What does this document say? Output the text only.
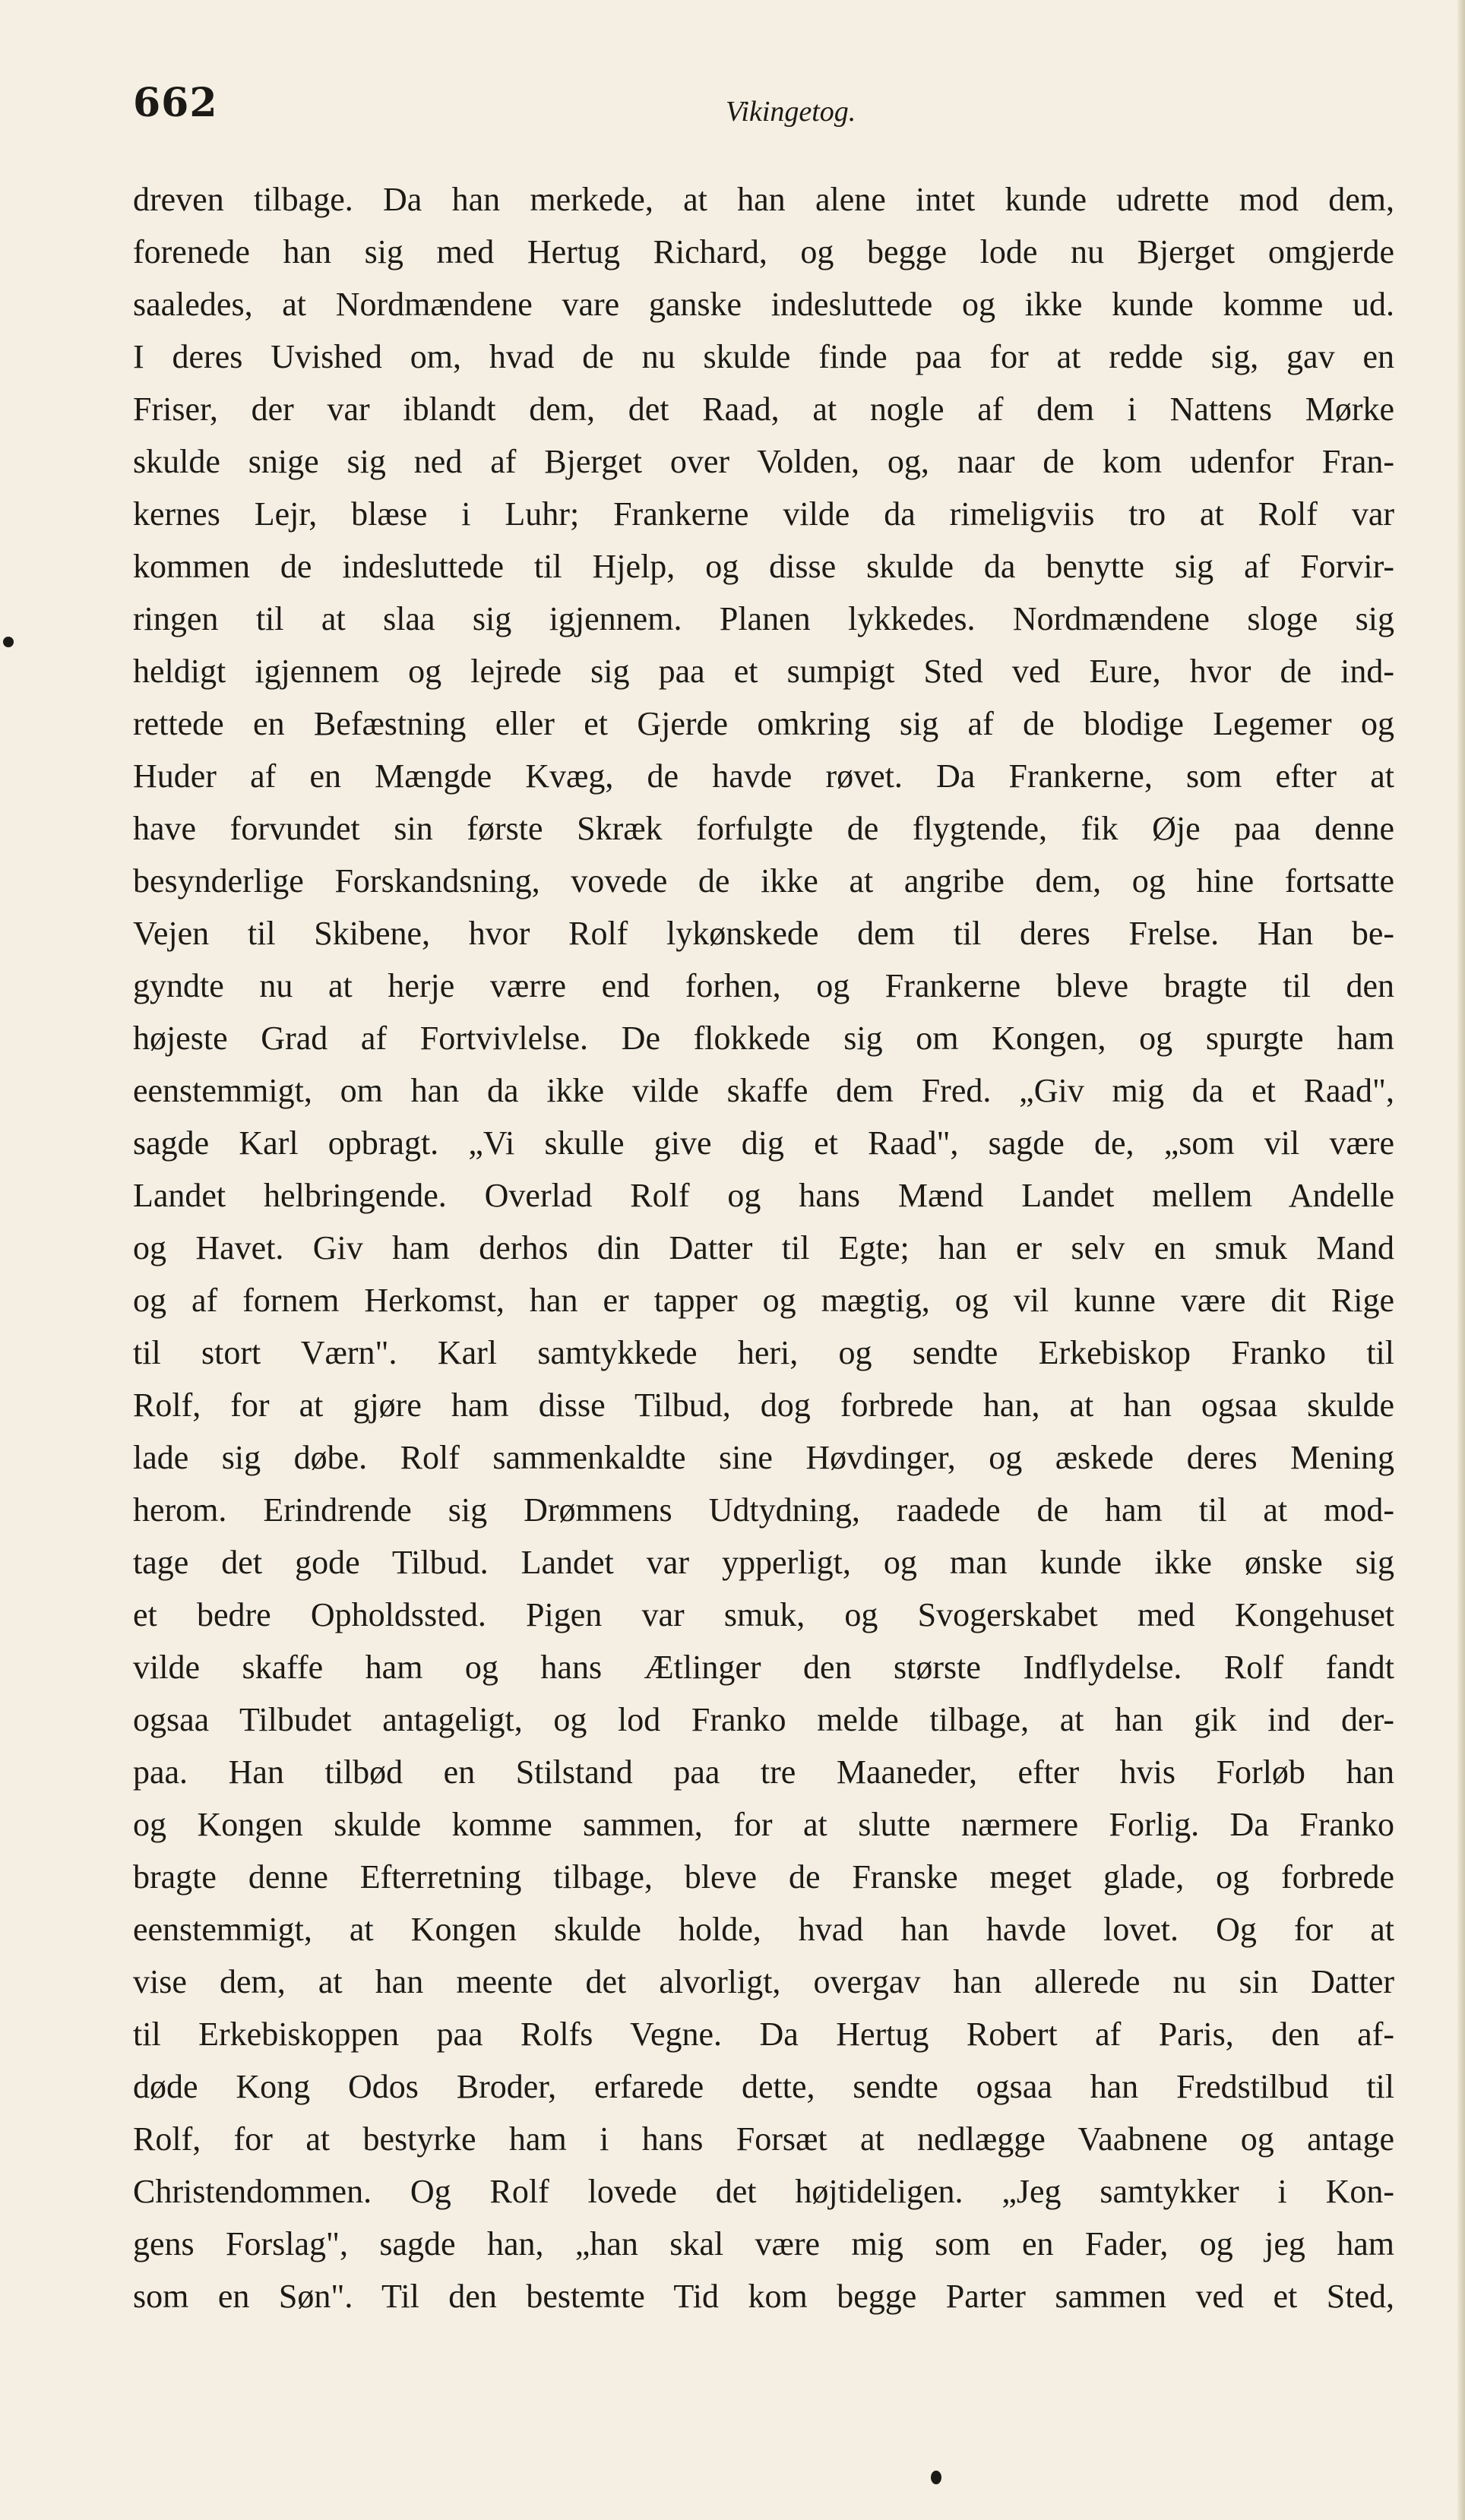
662	Vikingetog.
dreven tilbage. Da han merkede, at han alene intet kunde udrette mod dem,
forenede han sig med Hertug Richard, og begge lode nu Bjerget omgjerde
saaledes, at Nordmændene vare ganske indesluttede og ikke kunde komme ud.
I deres Uvished om, hvad de nu skulde finde paa for at redde sig, gav en
Friser, der var iblandt dem, det Raad, at nogle af dem i Nattens Mørke
skulde snige sig ned af Bjerget over Volden, og, naar de kom udenfor Fran-
kernes Lejr, blæse i Luhr; Frankerne vilde da rimeligviis tro at Rolf var
kommen de indesluttede til Hjelp, og disse skulde da benytte sig af Forvir-
ringen til at slaa sig igjennem. Planen lykkedes. Nordmændene sloge sig
heldigt igjennem og lejrede sig paa et sumpigt Sted ved Eure, hvor de ind-
rettede en Befæstning eller et Gjerde omkring sig af de blodige Legemer og
Huder af en Mængde Kvæg, de havde røvet. Da Frankerne, som efter at
have forvundet sin første Skræk forfulgte de flygtende, fik Øje paa denne
besynderlige Forskandsning, vovede de ikke at angribe dem, og hine fortsatte
Vejen til Skibene, hvor Rolf lykønskede dem til deres Frelse. Han be-
gyndte nu at herje værre end forhen, og Frankerne bleve bragte til den
højeste Grad af Fortvivlelse. De flokkede sig om Kongen, og spurgte ham
eenstemmigt, om han da ikke vilde skaffe dem Fred. „Giv mig da et Raad",
sagde Karl opbragt. „Vi skulle give dig et Raad", sagde de, „som vil være
Landet helbringende. Overlad Rolf og hans Mænd Landet mellem Andelle
og Havet. Giv ham derhos din Datter til Egte; han er selv en smuk Mand
og af fornem Herkomst, han er tapper og mægtig, og vil kunne være dit Rige
til stort Værn". Karl samtykkede heri, og sendte Erkebiskop Franko til
Rolf, for at gjøre ham disse Tilbud, dog forbrede han, at han ogsaa skulde
lade sig døbe. Rolf sammenkaldte sine Høvdinger, og æskede deres Mening
herom. Erindrende sig Drømmens Udtydning, raadede de ham til at mod-
tage det gode Tilbud. Landet var ypperligt, og man kunde ikke ønske sig
et bedre Opholdssted. Pigen var smuk, og Svogerskabet med Kongehuset
vilde skaffe ham og hans Ætlinger den største Indflydelse. Rolf fandt
ogsaa Tilbudet antageligt, og lod Franko melde tilbage, at han gik ind der-
paa. Han tilbød en Stilstand paa tre Maaneder, efter hvis Forløb han
og Kongen skulde komme sammen, for at slutte nærmere Forlig. Da Franko
bragte denne Efterretning tilbage, bleve de Franske meget glade, og forbrede
eenstemmigt, at Kongen skulde holde, hvad han havde lovet. Og for at
vise dem, at han meente det alvorligt, overgav han allerede nu sin Datter
til Erkebiskoppen paa Rolfs Vegne. Da Hertug Robert af Paris, den af-
døde Kong Odos Broder, erfarede dette, sendte ogsaa han Fredstilbud til
Rolf, for at bestyrke ham i hans Forsæt at nedlægge Vaabnene og antage
Christendommen. Og Rolf lovede det højtideligen. „Jeg samtykker i Kon-
gens Forslag", sagde han, „han skal være mig som en Fader, og jeg ham
som en Søn". Til den bestemte Tid kom begge Parter sammen ved et Sted,
